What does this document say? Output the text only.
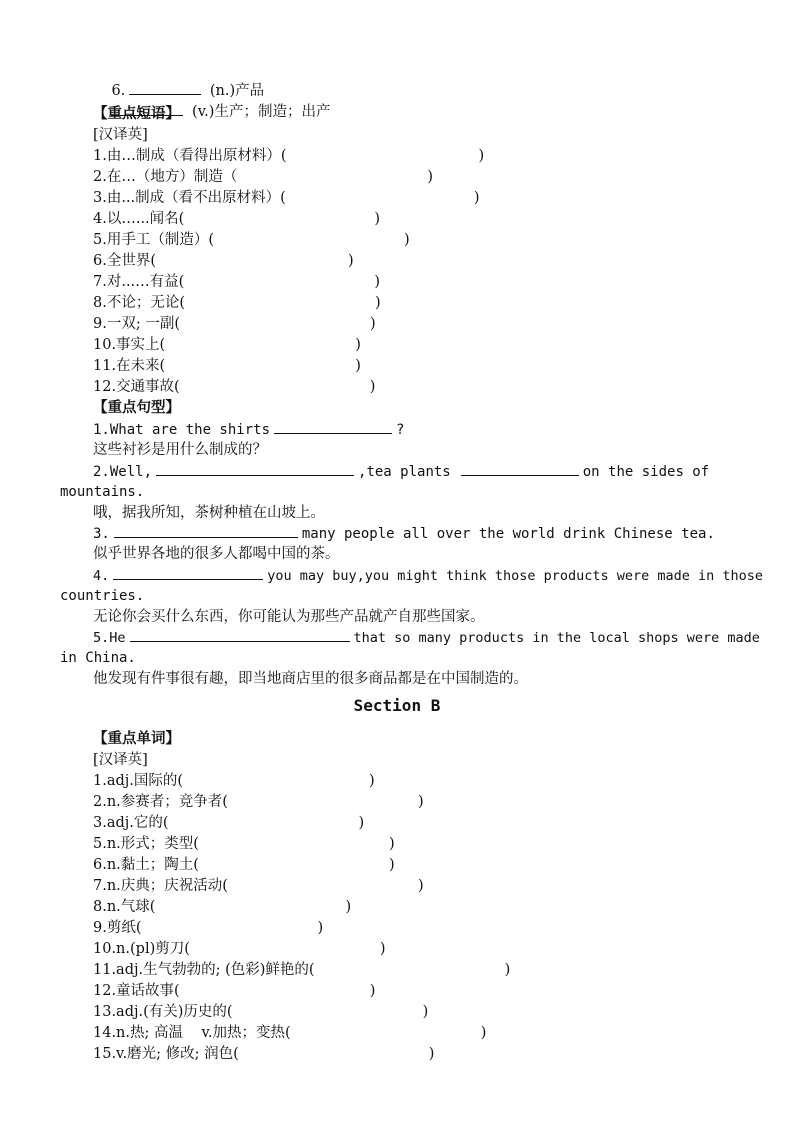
6.	(n.)产品

(v.)生产；制造；出产

【重点短语】
[汉译英]
1.由…制成（看得出原材料）(	)
2.在…（地方）制造（	)
3.由...制成（看不出原材料）(	)
4.以…...闻名(	)
5.用手工（制造）(	)
6.全世界(	)
7.对...…有益(	)
8.不论；无论(	)
9.一双; 一副(	)
10.事实上(	)
11.在未来(	)
12.交通事故(	)
【重点句型】
1.What are the shirts	?
这些衬衫是用什么制成的？
2.Well,	,tea plants	on the sides of
mountains.
哦，据我所知，茶树种植在山坡上。
3.	many people all over the world drink Chinese tea.
似乎世界各地的很多人都喝中国的茶。
4.	you may buy,you might think those products were made in those
countries.
无论你会买什么东西，你可能认为那些产品就产自那些国家。
5.He	that so many products in the local shops were made
in China.
他发现有件事很有趣，即当地商店里的很多商品都是在中国制造的。
Section B
【重点单词】
[汉译英]
1.adj.国际的(	)
2.n.参赛者；竞争者(	)
3.adj.它的(	)
5.n.形式；类型(	)
6.n.黏土；陶土(	)
7.n.庆典；庆祝活动(	)
8.n.气球(	)
9.剪纸(	)
10.n.(pl)剪刀(	)
11.adj.生气勃勃的; (色彩)鲜艳的(	)
12.童话故事(	)
13.adj.(有关)历史的(	)
14.n.热; 高温    v.加热；变热(	)
15.v.磨光; 修改; 润色(	)
